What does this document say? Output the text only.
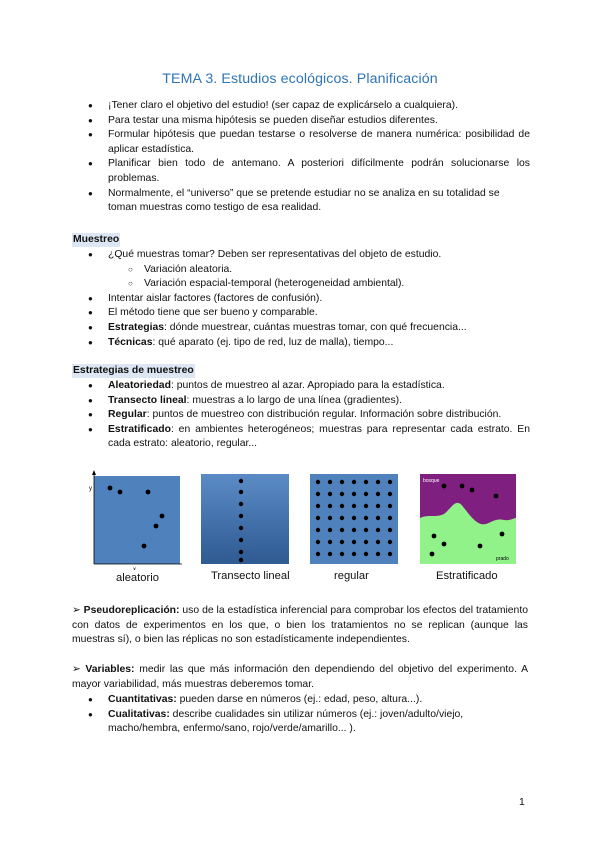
TEMA 3. Estudios ecológicos. Planificación
● ¡Tener claro el objetivo del estudio! (ser capaz de explicárselo a cualquiera).
● Para testar una misma hipótesis se pueden diseñar estudios diferentes.
● Formular hipótesis que puedan testarse o resolverse de manera numérica: posibilidad de aplicar estadística.
● Planificar bien todo de antemano. A posteriori difícilmente podrán solucionarse los problemas.
● Normalmente, el “universo” que se pretende estudiar no se analiza en su totalidad se toman muestras como testigo de esa realidad.
Muestreo
● ¿Qué muestras tomar? Deben ser representativas del objeto de estudio.
○ Variación aleatoria.
○ Variación espacial-temporal (heterogeneidad ambiental).
● Intentar aislar factores (factores de confusión).
● El método tiene que ser bueno y comparable.
● Estrategias: dónde muestrear, cuántas muestras tomar, con qué frecuencia...
● Técnicas: qué aparato (ej. tipo de red, luz de malla), tiempo...
Estrategias de muestreo
● Aleatoriedad: puntos de muestreo al azar. Apropiado para la estadística.
● Transecto lineal: muestras a lo largo de una línea (gradientes).
● Regular: puntos de muestreo con distribución regular. Información sobre distribución.
● Estratificado: en ambientes heterogéneos; muestras para representar cada estrato. En cada estrato: aleatorio, regular...
y
x
aleatorio	Transecto lineal	regular
bosque
prado
Estratificado
➢ Pseudoreplicación: uso de la estadística inferencial para comprobar los efectos del tratamiento con datos de experimentos en los que, o bien los tratamientos no se replican (aunque las muestras sí), o bien las réplicas no son estadísticamente independientes.
➢ Variables: medir las que más información den dependiendo del objetivo del experimento. A mayor variabilidad, más muestras deberemos tomar.
● Cuantitativas: pueden darse en números (ej.: edad, peso, altura...).
● Cualitativas: describe cualidades sin utilizar números (ej.: joven/adulto/viejo, macho/hembra, enfermo/sano, rojo/verde/amarillo... ).
1
